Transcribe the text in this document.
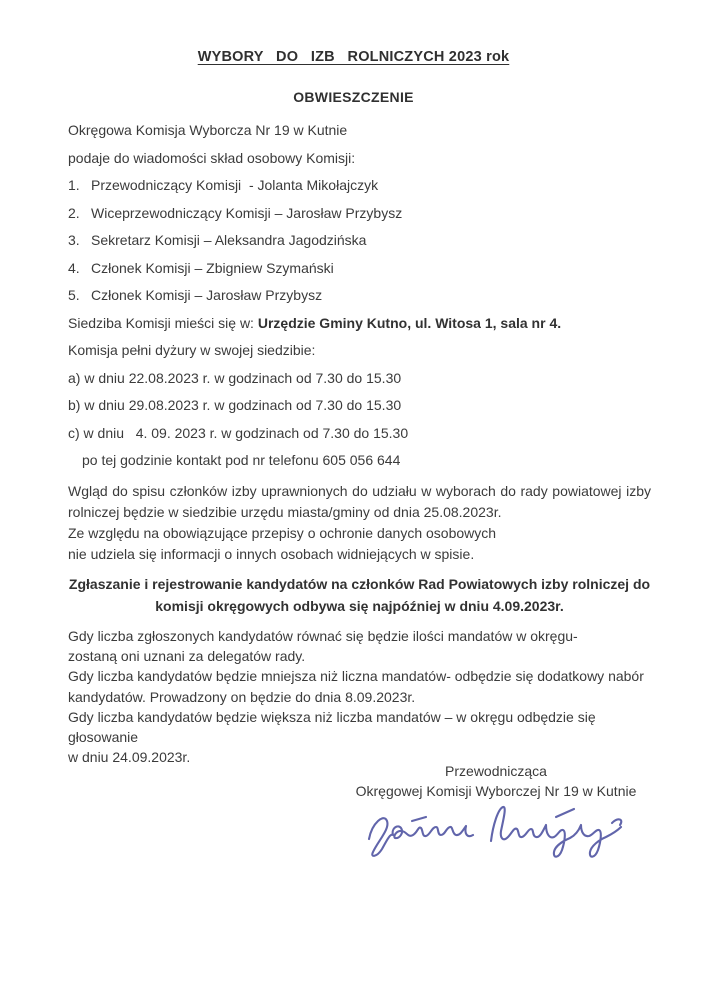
WYBORY   DO   IZB   ROLNICZYCH 2023 rok
OBWIESZCZENIE
Okręgowa Komisja Wyborcza Nr 19 w Kutnie
podaje do wiadomości skład osobowy Komisji:
1. Przewodniczący Komisji  - Jolanta Mikołajczyk
2. Wiceprzewodniczący Komisji – Jarosław Przybysz
3. Sekretarz Komisji – Aleksandra Jagodzińska
4. Członek Komisji – Zbigniew Szymański
5. Członek Komisji – Jarosław Przybysz
Siedziba Komisji mieści się w: Urzędzie Gminy Kutno, ul. Witosa 1, sala nr 4.
Komisja pełni dyżury w swojej siedzibie:
a) w dniu 22.08.2023 r. w godzinach od 7.30 do 15.30
b) w dniu 29.08.2023 r. w godzinach od 7.30 do 15.30
c) w dniu   4. 09. 2023 r. w godzinach od 7.30 do 15.30
po tej godzinie kontakt pod nr telefonu 605 056 644
Wgląd do spisu członków izby uprawnionych do udziału w wyborach do rady powiatowej izby rolniczej będzie w siedzibie urzędu miasta/gminy od dnia 25.08.2023r.
Ze względu na obowiązujące przepisy o ochronie danych osobowych
nie udziela się informacji o innych osobach widniejących w spisie.
Zgłaszanie i rejestrowanie kandydatów na członków Rad Powiatowych izby rolniczej do komisji okręgowych odbywa się najpóźniej w dniu 4.09.2023r.
Gdy liczba zgłoszonych kandydatów równać się będzie ilości mandatów w okręgu-
zostaną oni uznani za delegatów rady.
Gdy liczba kandydatów będzie mniejsza niż liczna mandatów- odbędzie się dodatkowy nabór
kandydatów. Prowadzony on będzie do dnia 8.09.2023r.
Gdy liczba kandydatów będzie większa niż liczba mandatów – w okręgu odbędzie się głosowanie
w dniu 24.09.2023r.
Przewodnicząca
Okręgowej Komisji Wyborczej Nr 19 w Kutnie
